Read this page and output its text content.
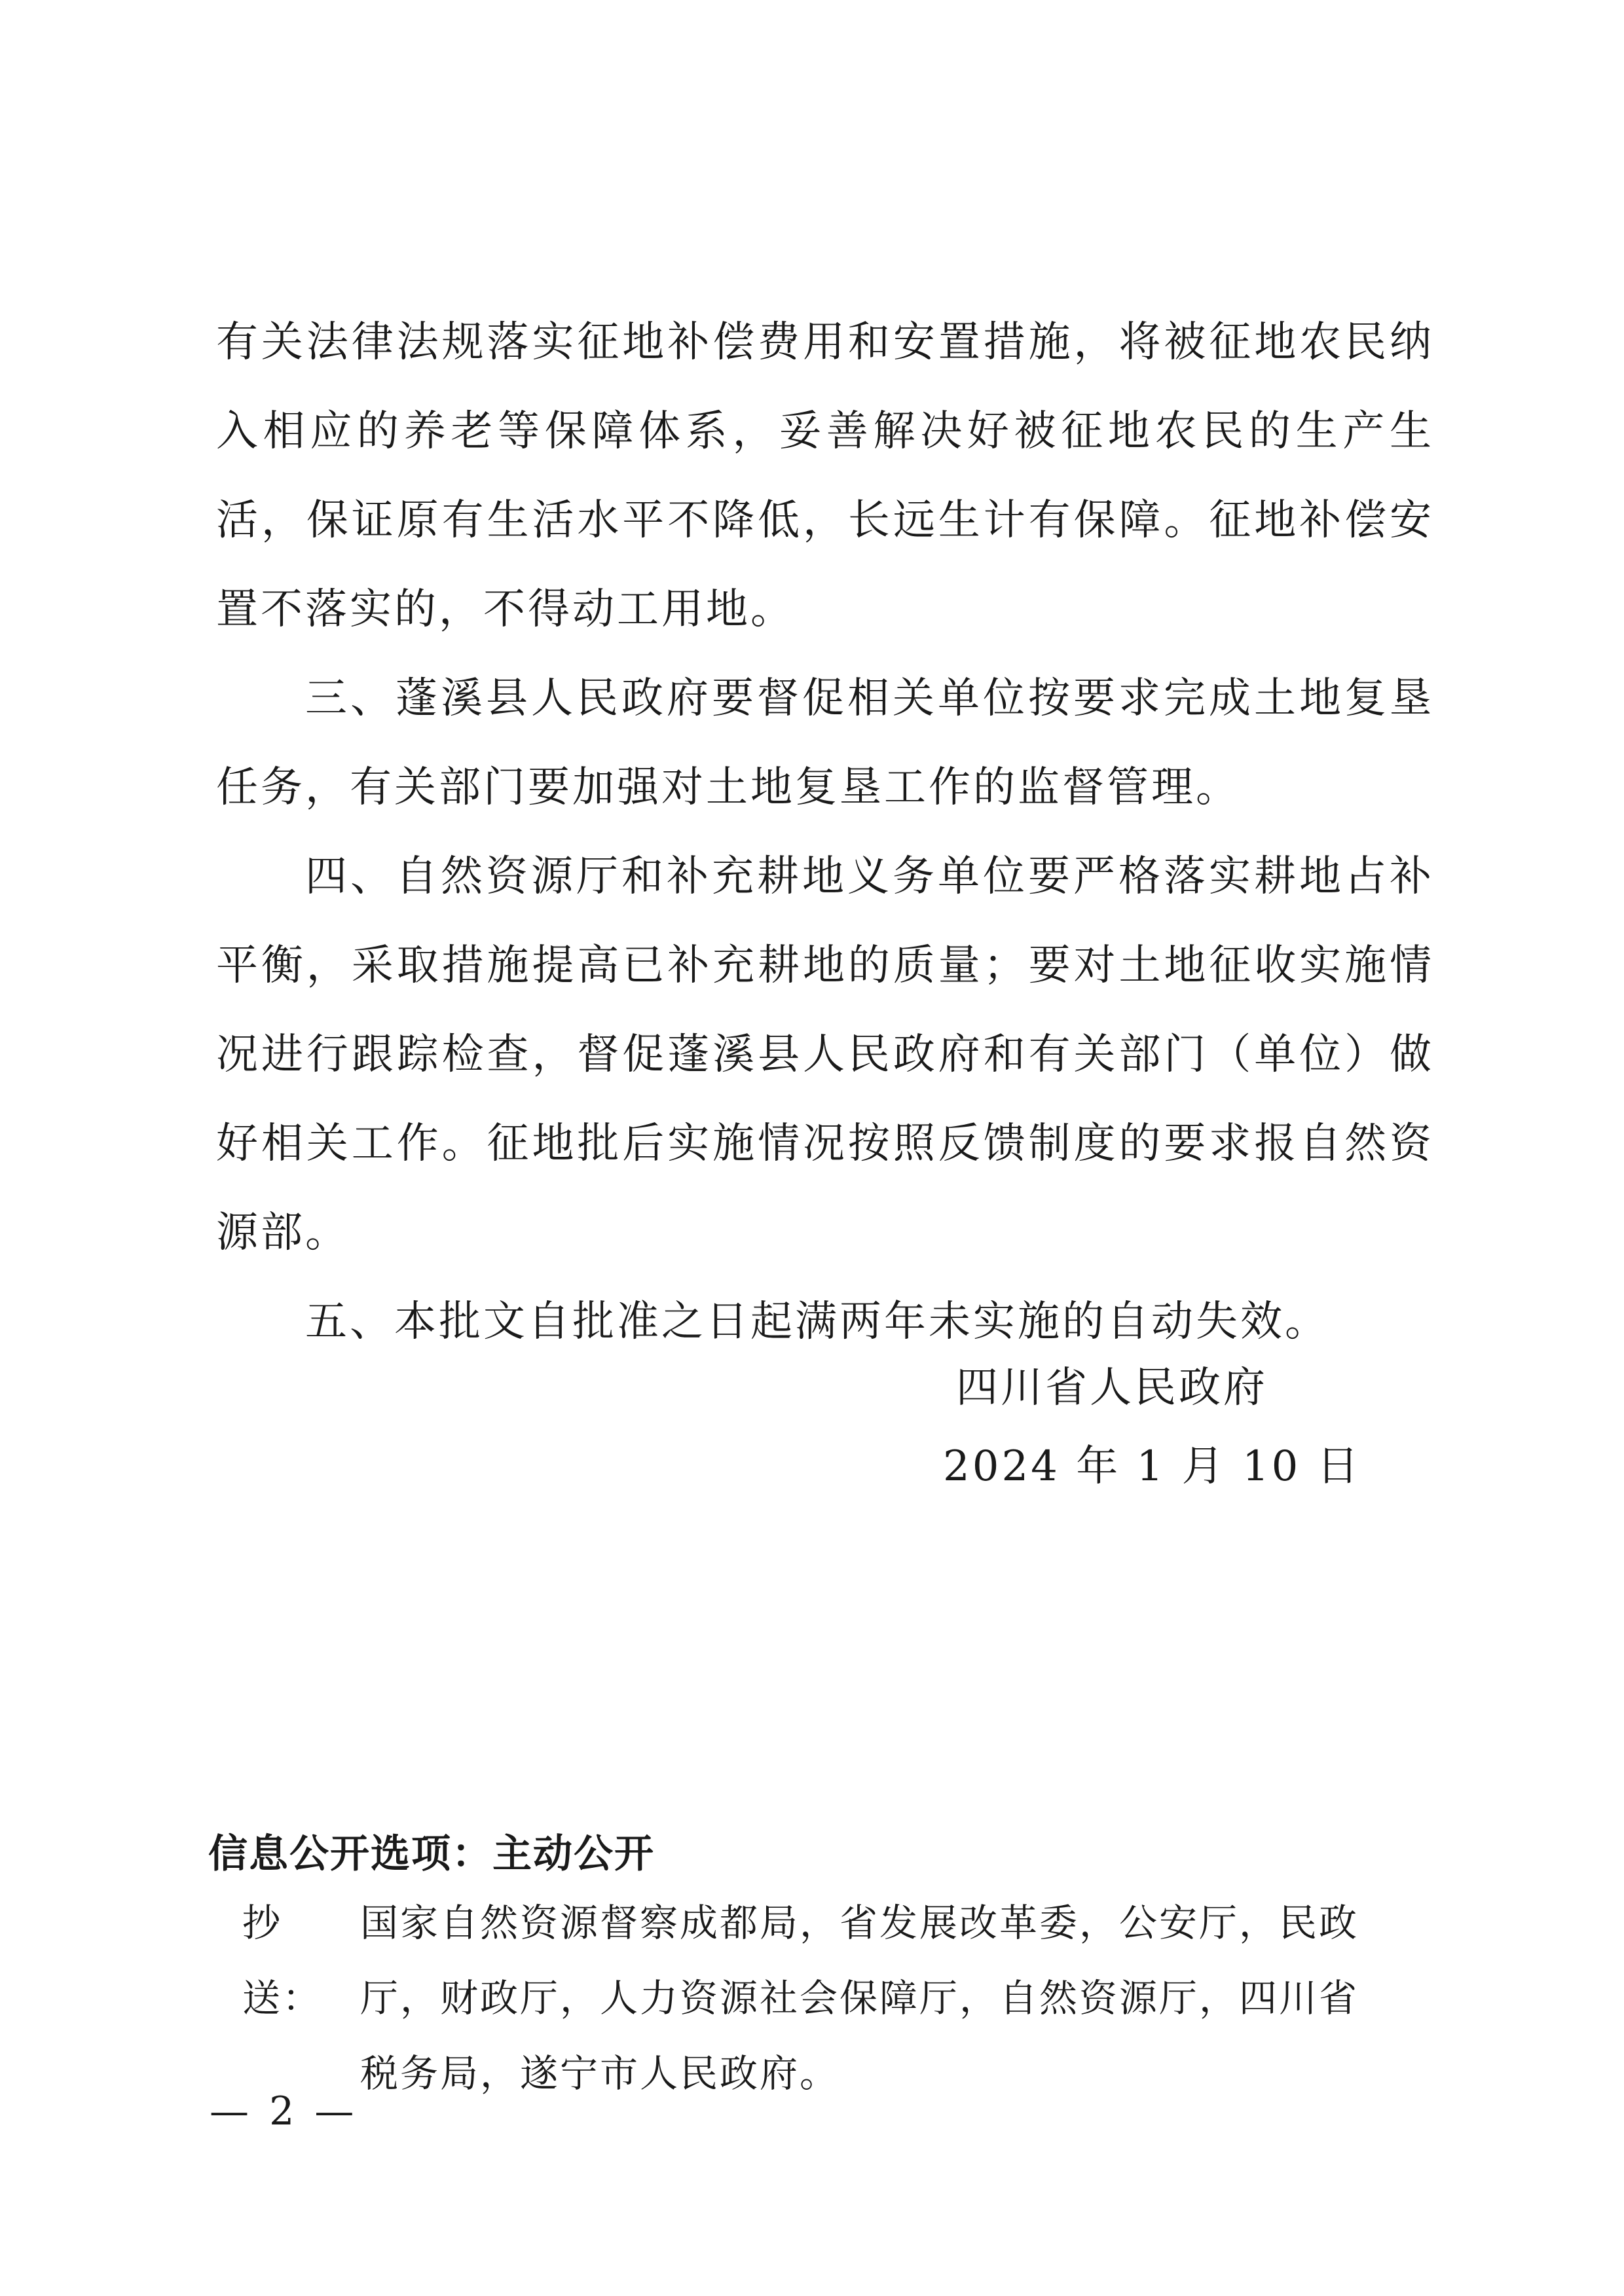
有关法律法规落实征地补偿费用和安置措施，将被征地农民纳入相应的养老等保障体系，妥善解决好被征地农民的生产生活，保证原有生活水平不降低，长远生计有保障。征地补偿安置不落实的，不得动工用地。

三、蓬溪县人民政府要督促相关单位按要求完成土地复垦任务，有关部门要加强对土地复垦工作的监督管理。

四、自然资源厅和补充耕地义务单位要严格落实耕地占补平衡，采取措施提高已补充耕地的质量；要对土地征收实施情况进行跟踪检查，督促蓬溪县人民政府和有关部门（单位）做好相关工作。征地批后实施情况按照反馈制度的要求报自然资源部。

五、本批文自批准之日起满两年未实施的自动失效。

四川省人民政府
2024 年 1 月 10 日
信息公开选项：主动公开
抄送：国家自然资源督察成都局，省发展改革委，公安厅，民政厅，财政厅，人力资源社会保障厅，自然资源厅，四川省税务局，遂宁市人民政府。
— 2 —
